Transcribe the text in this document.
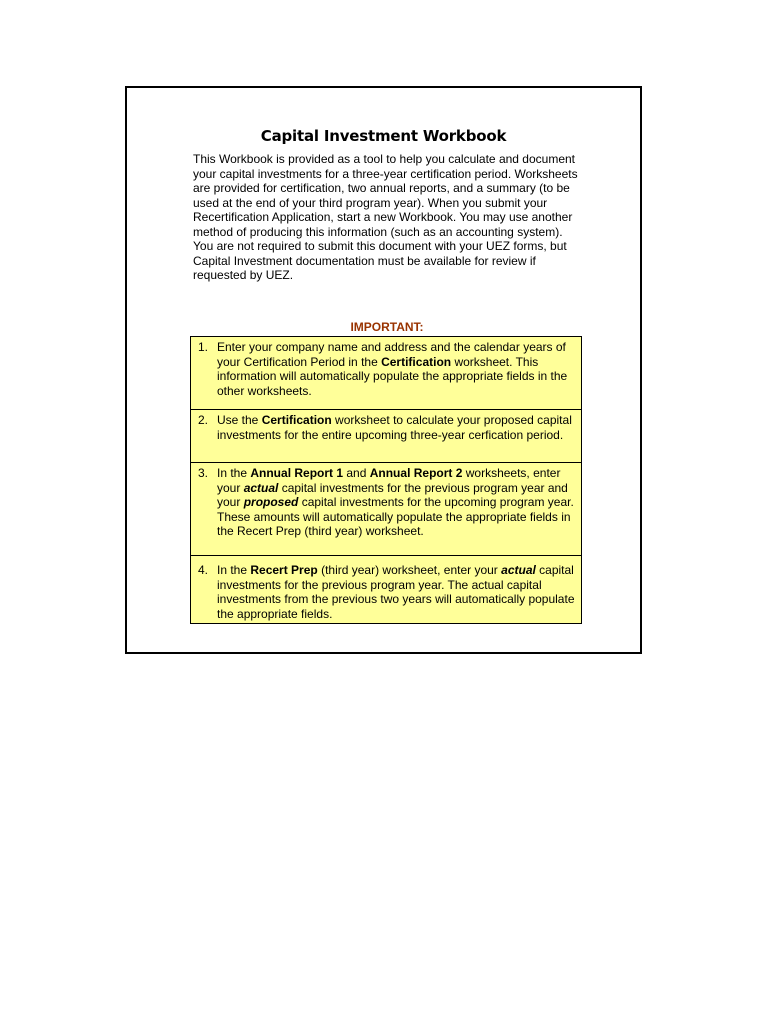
Capital Investment Workbook

This Workbook is provided as a tool to help you calculate and document your capital investments for a three-year certification period. Worksheets are provided for certification, two annual reports, and a summary (to be used at the end of your third program year). When you submit your Recertification Application, start a new Workbook. You may use another method of producing this information (such as an accounting system). You are not required to submit this document with your UEZ forms, but Capital Investment documentation must be available for review if requested by UEZ.

IMPORTANT:

1. Enter your company name and address and the calendar years of your Certification Period in the Certification worksheet. This information will automatically populate the appropriate fields in the other worksheets.
2. Use the Certification worksheet to calculate your proposed capital investments for the entire upcoming three-year cerfication period.
3. In the Annual Report 1 and Annual Report 2 worksheets, enter your actual capital investments for the previous program year and your proposed capital investments for the upcoming program year. These amounts will automatically populate the appropriate fields in the Recert Prep (third year) worksheet.
4. In the Recert Prep (third year) worksheet, enter your actual capital investments for the previous program year. The actual capital investments from the previous two years will automatically populate the appropriate fields.
